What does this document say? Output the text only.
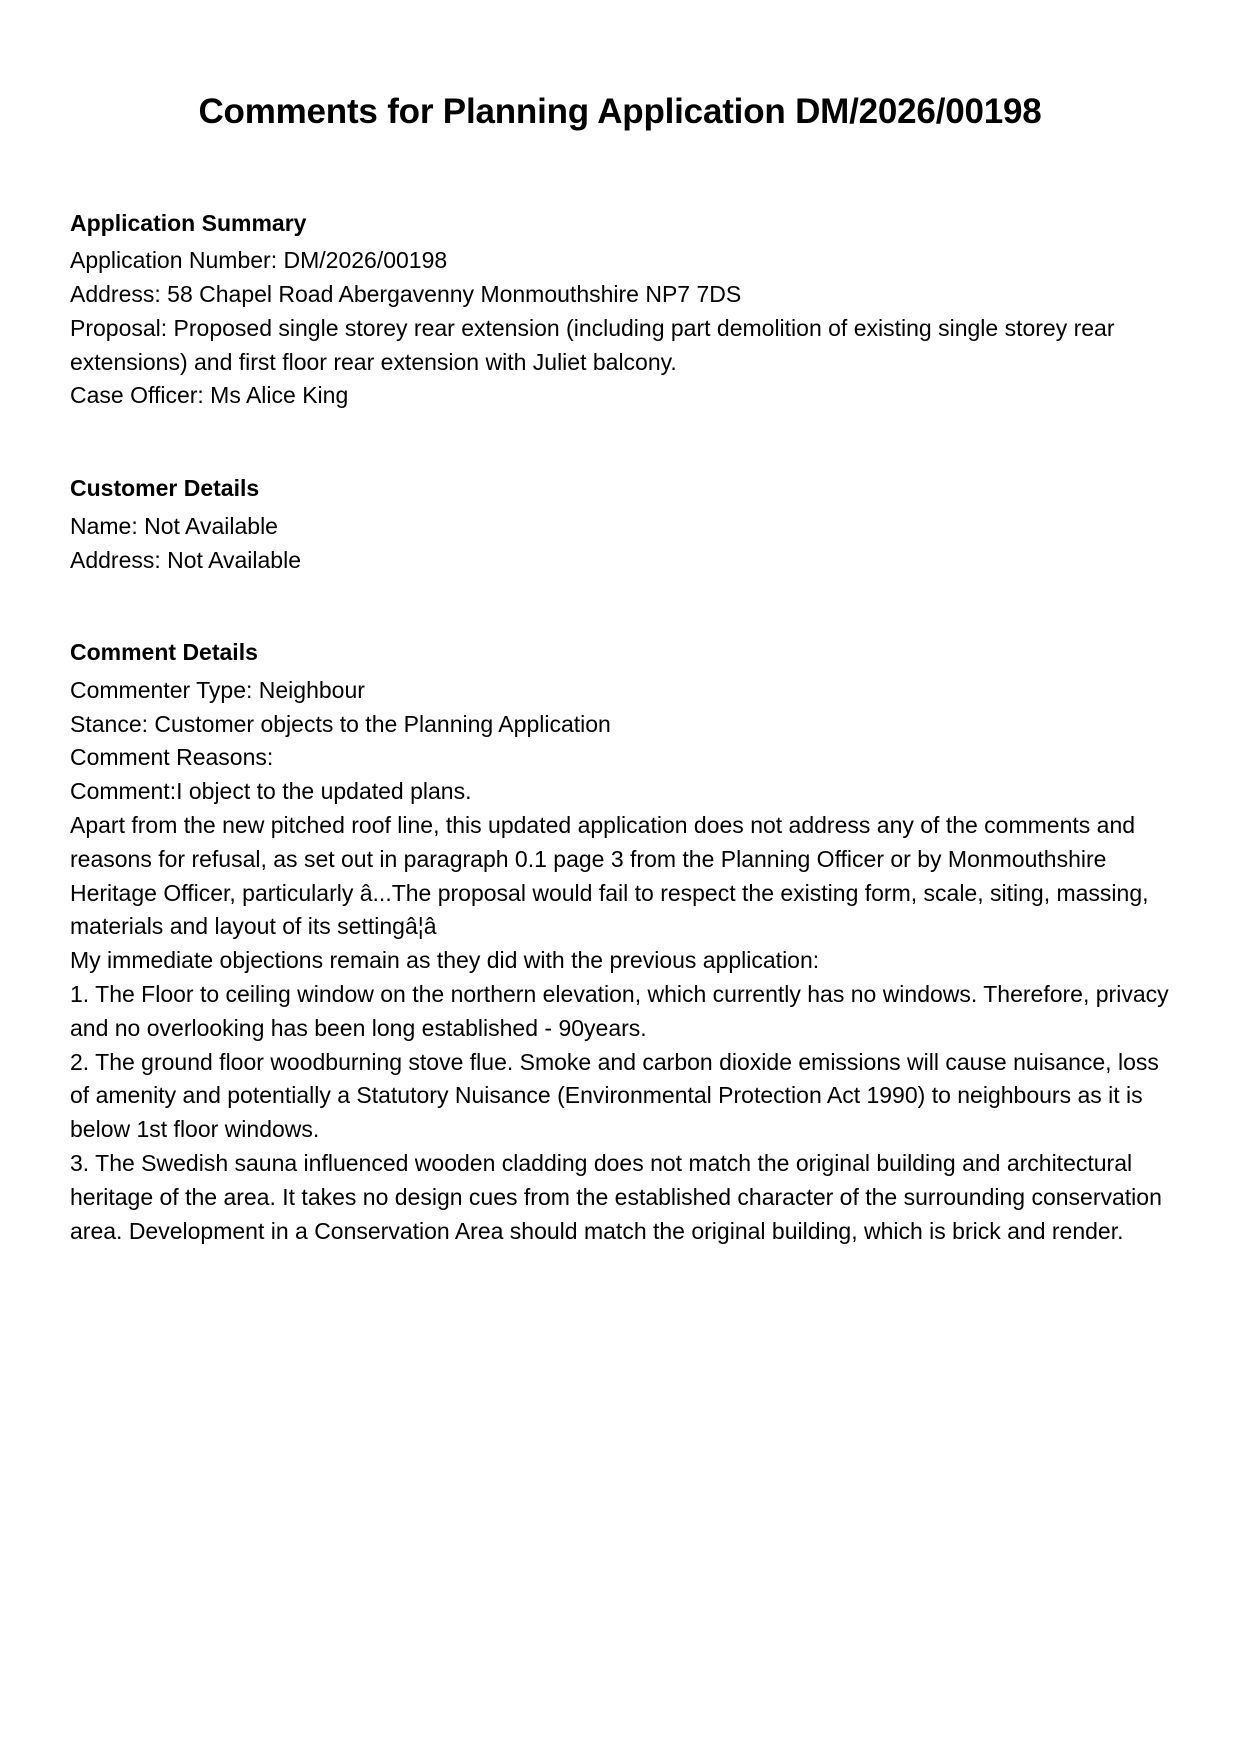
Comments for Planning Application DM/2026/00198
Application Summary

Application Number: DM/2026/00198

Address: 58 Chapel Road Abergavenny Monmouthshire NP7 7DS

Proposal: Proposed single storey rear extension (including part demolition of existing single storey rear extensions) and first floor rear extension with Juliet balcony.

Case Officer: Ms Alice King

Customer Details

Name: Not Available

Address: Not Available

Comment Details

Commenter Type: Neighbour

Stance: Customer objects to the Planning Application

Comment Reasons:

Comment:I object to the updated plans.

Apart from the new pitched roof line, this updated application does not address any of the comments and reasons for refusal, as set out in paragraph 0.1 page 3 from the Planning Officer or by Monmouthshire Heritage Officer, particularly â...The proposal would fail to respect the existing form, scale, siting, massing, materials and layout of its settingâ¦â

My immediate objections remain as they did with the previous application:

1. The Floor to ceiling window on the northern elevation, which currently has no windows. Therefore, privacy and no overlooking has been long established - 90years.

2. The ground floor woodburning stove flue. Smoke and carbon dioxide emissions will cause nuisance, loss of amenity and potentially a Statutory Nuisance (Environmental Protection Act 1990) to neighbours as it is below 1st floor windows.

3. The Swedish sauna influenced wooden cladding does not match the original building and architectural heritage of the area. It takes no design cues from the established character of the surrounding conservation area. Development in a Conservation Area should match the original building, which is brick and render.
